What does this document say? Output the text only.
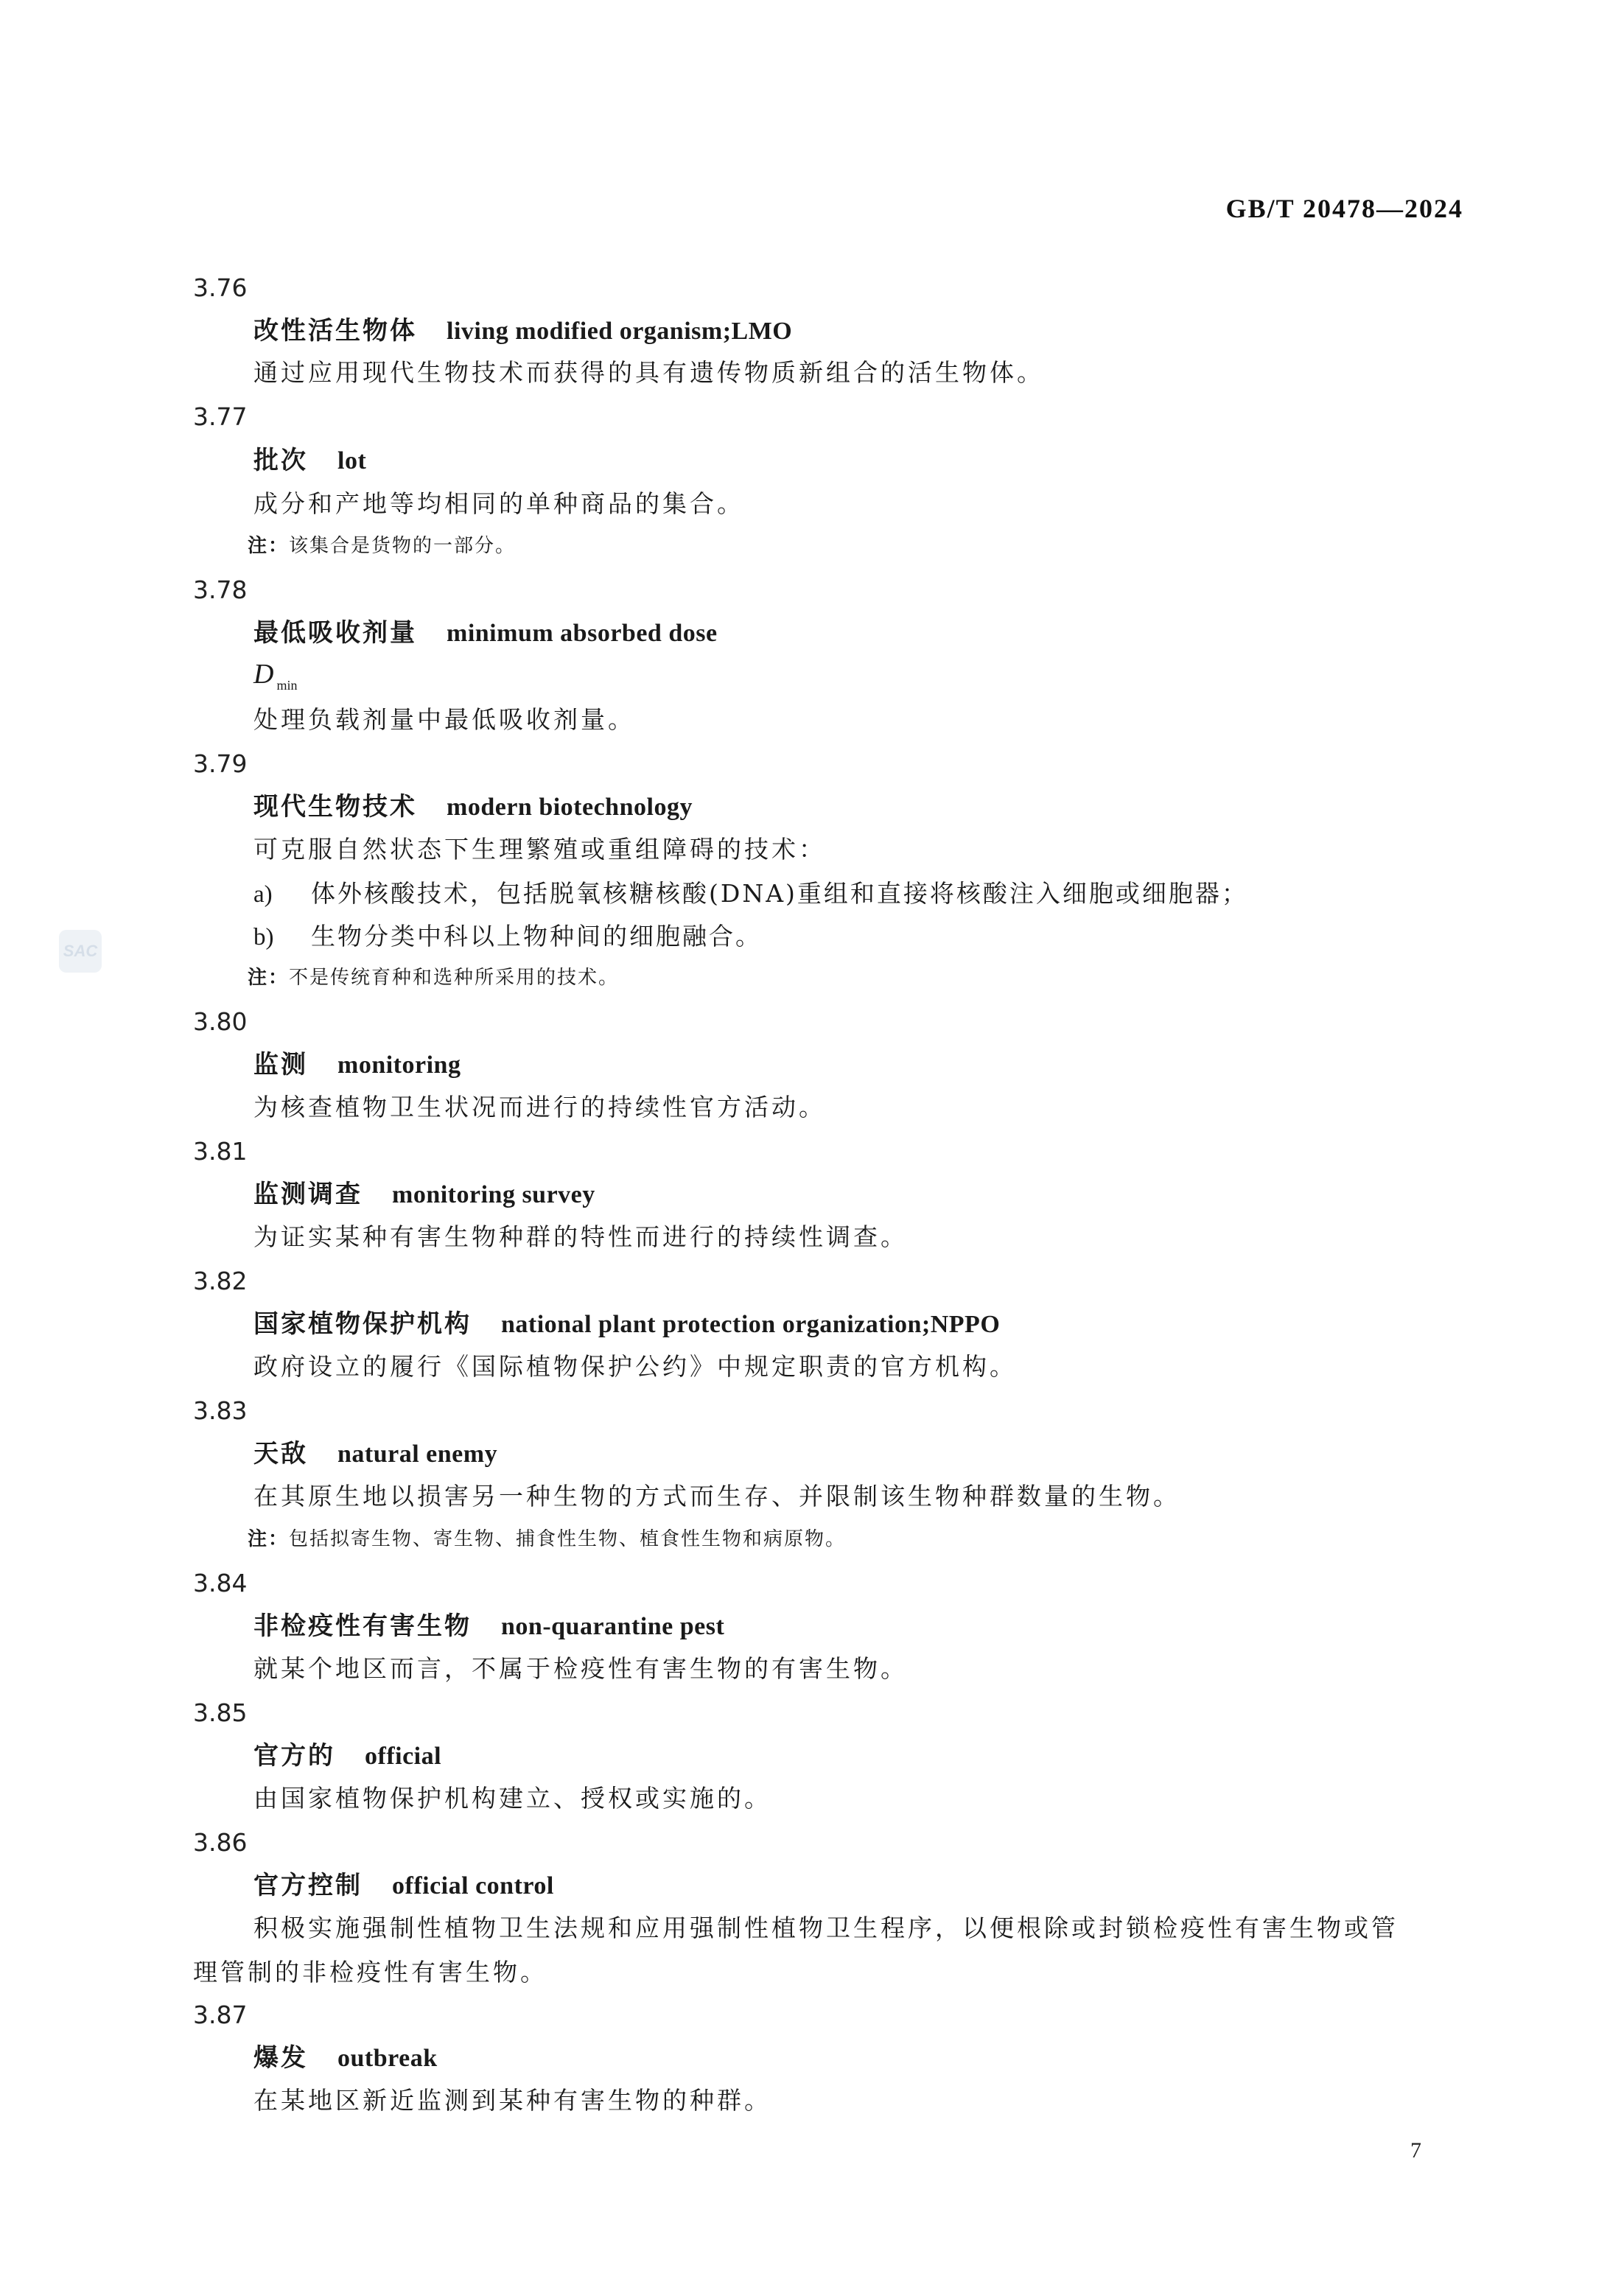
GB/T 20478—2024
SAC
3.76
改性活生物体 living modified organism;LMO
通过应用现代生物技术而获得的具有遗传物质新组合的活生物体。
3.77
批次 lot
成分和产地等均相同的单种商品的集合。
注：该集合是货物的一部分。
3.78
最低吸收剂量 minimum absorbed dose
D $_{min}$
处理负载剂量中最低吸收剂量。
3.79
现代生物技术 modern biotechnology
可克服自然状态下生理繁殖或重组障碍的技术：
a) 体外核酸技术，包括脱氧核糖核酸(DNA)重组和直接将核酸注入细胞或细胞器；
b) 生物分类中科以上物种间的细胞融合。
注：不是传统育种和选种所采用的技术。
3.80
监测 monitoring
为核查植物卫生状况而进行的持续性官方活动。
3.81
监测调查 monitoring survey
为证实某种有害生物种群的特性而进行的持续性调查。
3.82
国家植物保护机构 national plant protection organization;NPPO
政府设立的履行《国际植物保护公约》中规定职责的官方机构。
3.83
天敌 natural enemy
在其原生地以损害另一种生物的方式而生存、并限制该生物种群数量的生物。
注：包括拟寄生物、寄生物、捕食性生物、植食性生物和病原物。
3.84
非检疫性有害生物 non-quarantine pest
就某个地区而言，不属于检疫性有害生物的有害生物。
3.85
官方的 official
由国家植物保护机构建立、授权或实施的。
3.86
官方控制 official control
积极实施强制性植物卫生法规和应用强制性植物卫生程序，以便根除或封锁检疫性有害生物或管
理管制的非检疫性有害生物。
3.87
爆发 outbreak
在某地区新近监测到某种有害生物的种群。
7
